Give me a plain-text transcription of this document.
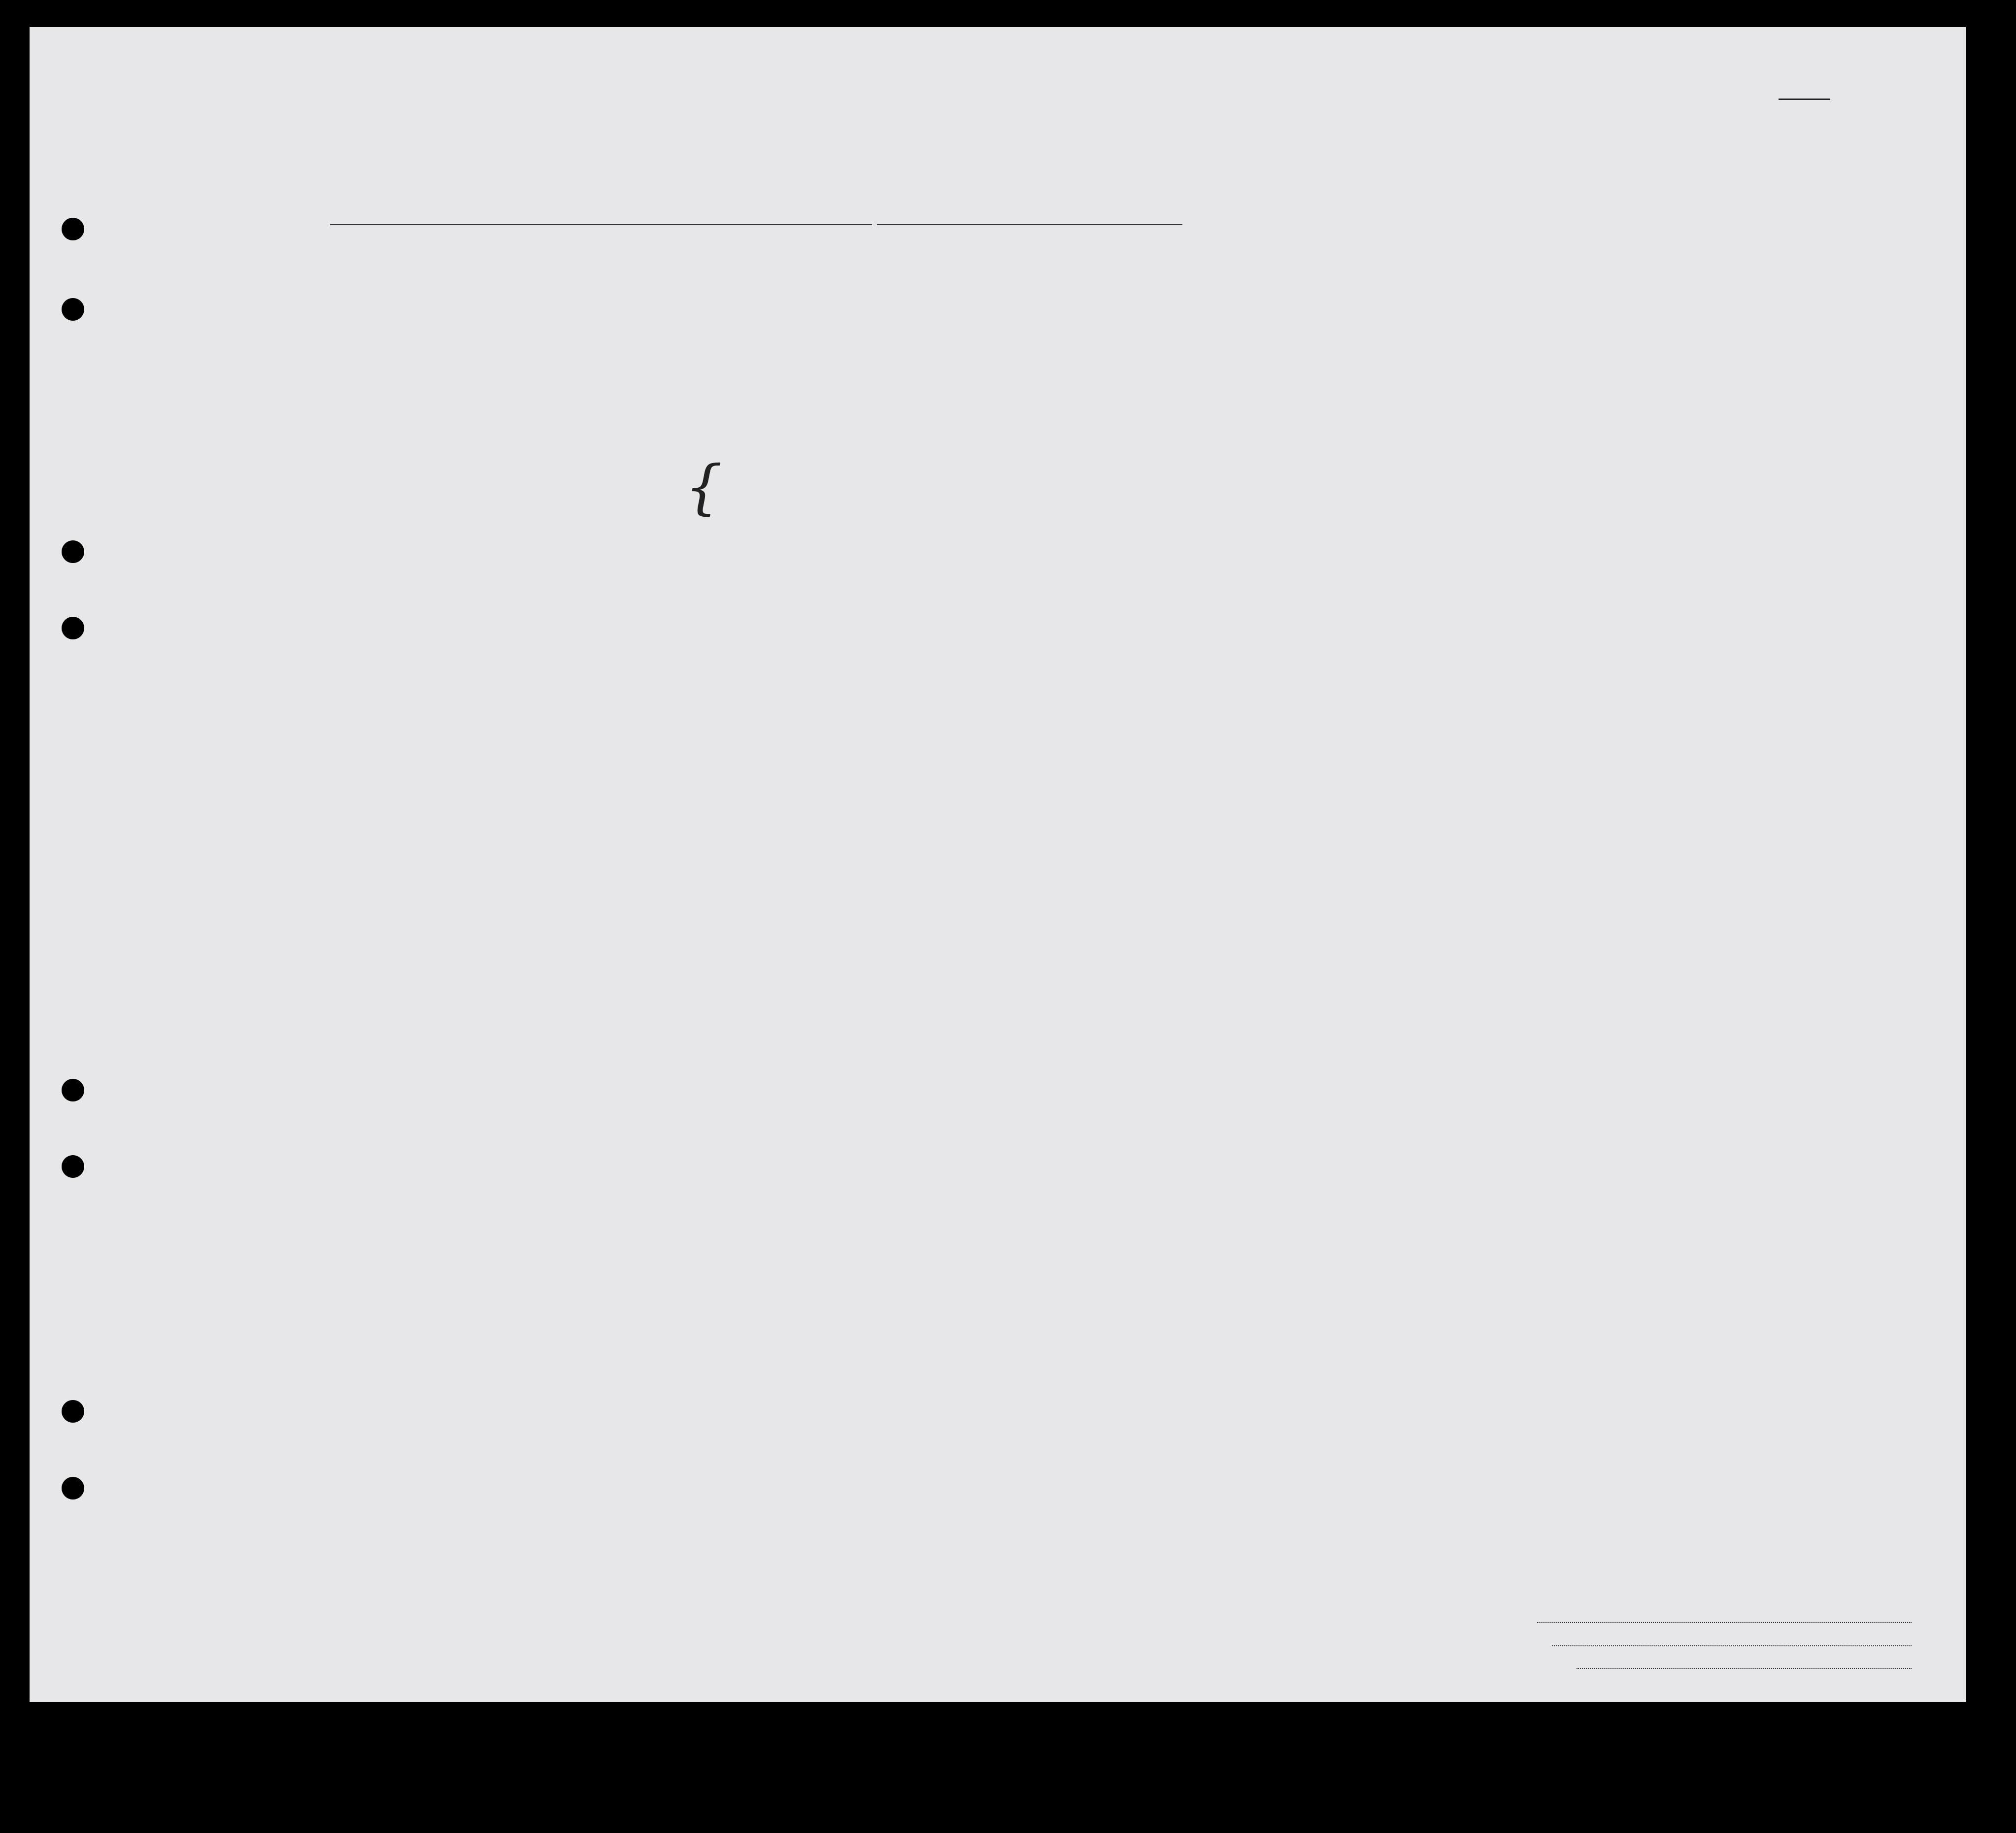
{
